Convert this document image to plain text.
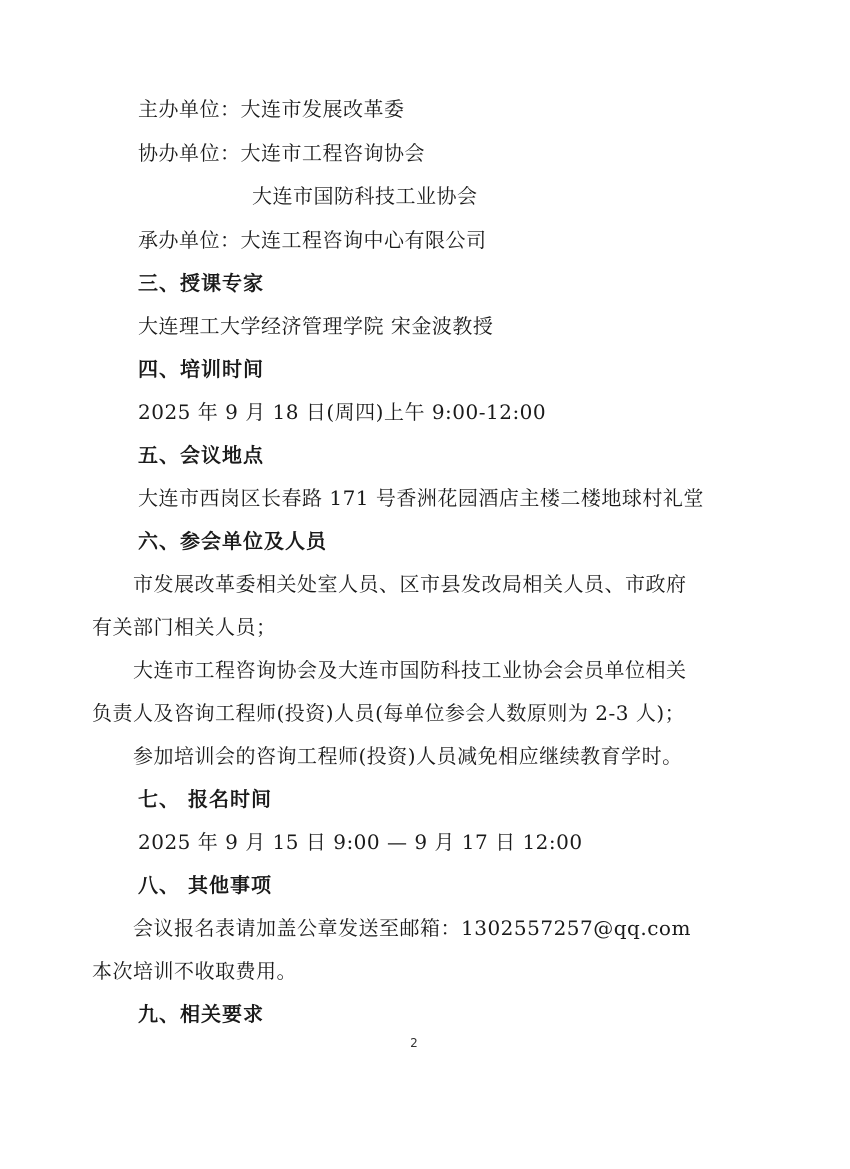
主办单位：大连市发展改革委
协办单位：大连市工程咨询协会
大连市国防科技工业协会
承办单位：大连工程咨询中心有限公司
三、授课专家
大连理工大学经济管理学院 宋金波教授
四、培训时间
2025 年 9 月 18 日(周四)上午 9:00-12:00
五、会议地点
大连市西岗区长春路 171 号香洲花园酒店主楼二楼地球村礼堂
六、参会单位及人员
市发展改革委相关处室人员、区市县发改局相关人员、市政府
有关部门相关人员；
大连市工程咨询协会及大连市国防科技工业协会会员单位相关
负责人及咨询工程师(投资)人员(每单位参会人数原则为 2-3 人)；
参加培训会的咨询工程师(投资)人员减免相应继续教育学时。
七、 报名时间
2025 年 9 月 15 日 9:00 — 9 月 17 日 12:00
八、 其他事项
会议报名表请加盖公章发送至邮箱：1302557257@qq.com
本次培训不收取费用。
九、相关要求
2
